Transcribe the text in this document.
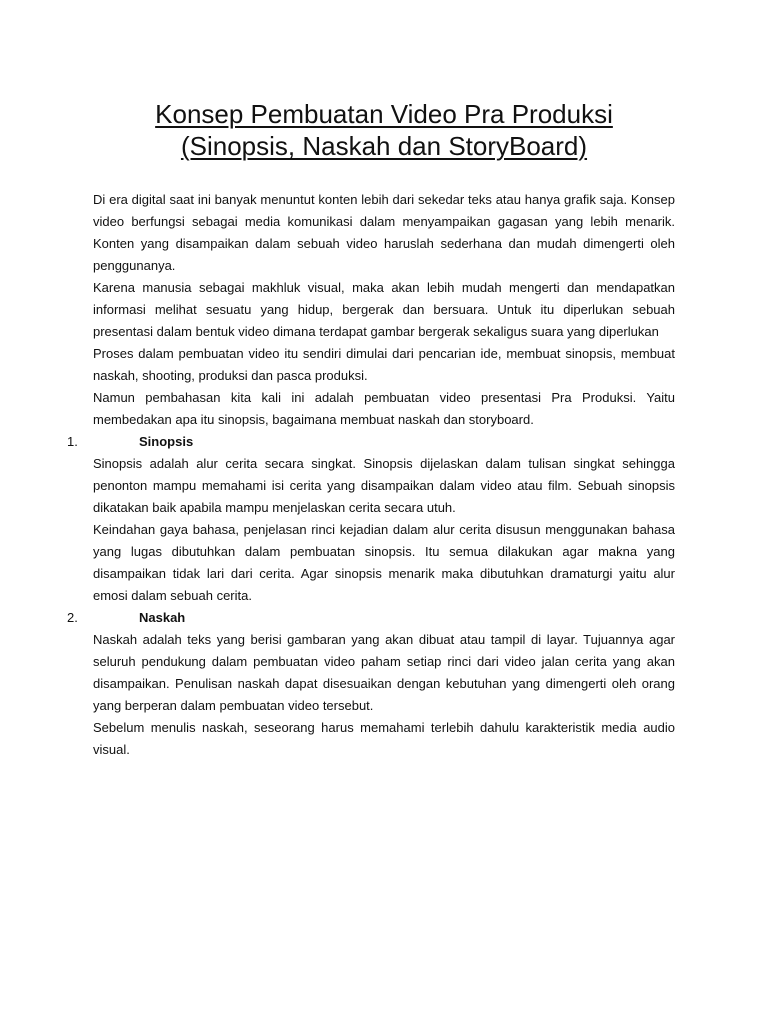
Konsep Pembuatan Video Pra Produksi
(Sinopsis, Naskah dan StoryBoard)

Di era digital saat ini banyak menuntut konten lebih dari sekedar teks atau hanya grafik saja. Konsep video berfungsi sebagai media komunikasi dalam menyampaikan gagasan yang lebih menarik. Konten yang disampaikan dalam sebuah video haruslah sederhana dan mudah dimengerti oleh penggunanya.

Karena manusia sebagai makhluk visual, maka akan lebih mudah mengerti dan mendapatkan informasi melihat sesuatu yang hidup, bergerak dan bersuara. Untuk itu diperlukan sebuah presentasi dalam bentuk video dimana terdapat gambar bergerak sekaligus suara yang diperlukan

Proses dalam pembuatan video itu sendiri dimulai dari pencarian ide, membuat sinopsis, membuat naskah, shooting, produksi dan pasca produksi.

Namun pembahasan kita kali ini adalah pembuatan video presentasi Pra Produksi. Yaitu membedakan apa itu sinopsis, bagaimana membuat naskah dan storyboard.

1.	Sinopsis

Sinopsis adalah alur cerita secara singkat. Sinopsis dijelaskan dalam tulisan singkat sehingga penonton mampu memahami isi cerita yang disampaikan dalam video atau film. Sebuah sinopsis dikatakan baik apabila mampu menjelaskan cerita secara utuh.

Keindahan gaya bahasa, penjelasan rinci kejadian dalam alur cerita disusun menggunakan bahasa yang lugas dibutuhkan dalam pembuatan sinopsis. Itu semua dilakukan agar makna yang disampaikan tidak lari dari cerita. Agar sinopsis menarik maka dibutuhkan dramaturgi yaitu alur emosi dalam sebuah cerita.

2.	Naskah

Naskah adalah teks yang berisi gambaran yang akan dibuat atau tampil di layar. Tujuannya agar seluruh pendukung dalam pembuatan video paham setiap rinci dari video jalan cerita yang akan disampaikan. Penulisan naskah dapat disesuaikan dengan kebutuhan yang dimengerti oleh orang yang berperan dalam pembuatan video tersebut.

Sebelum menulis naskah, seseorang harus memahami terlebih dahulu karakteristik media audio visual.
